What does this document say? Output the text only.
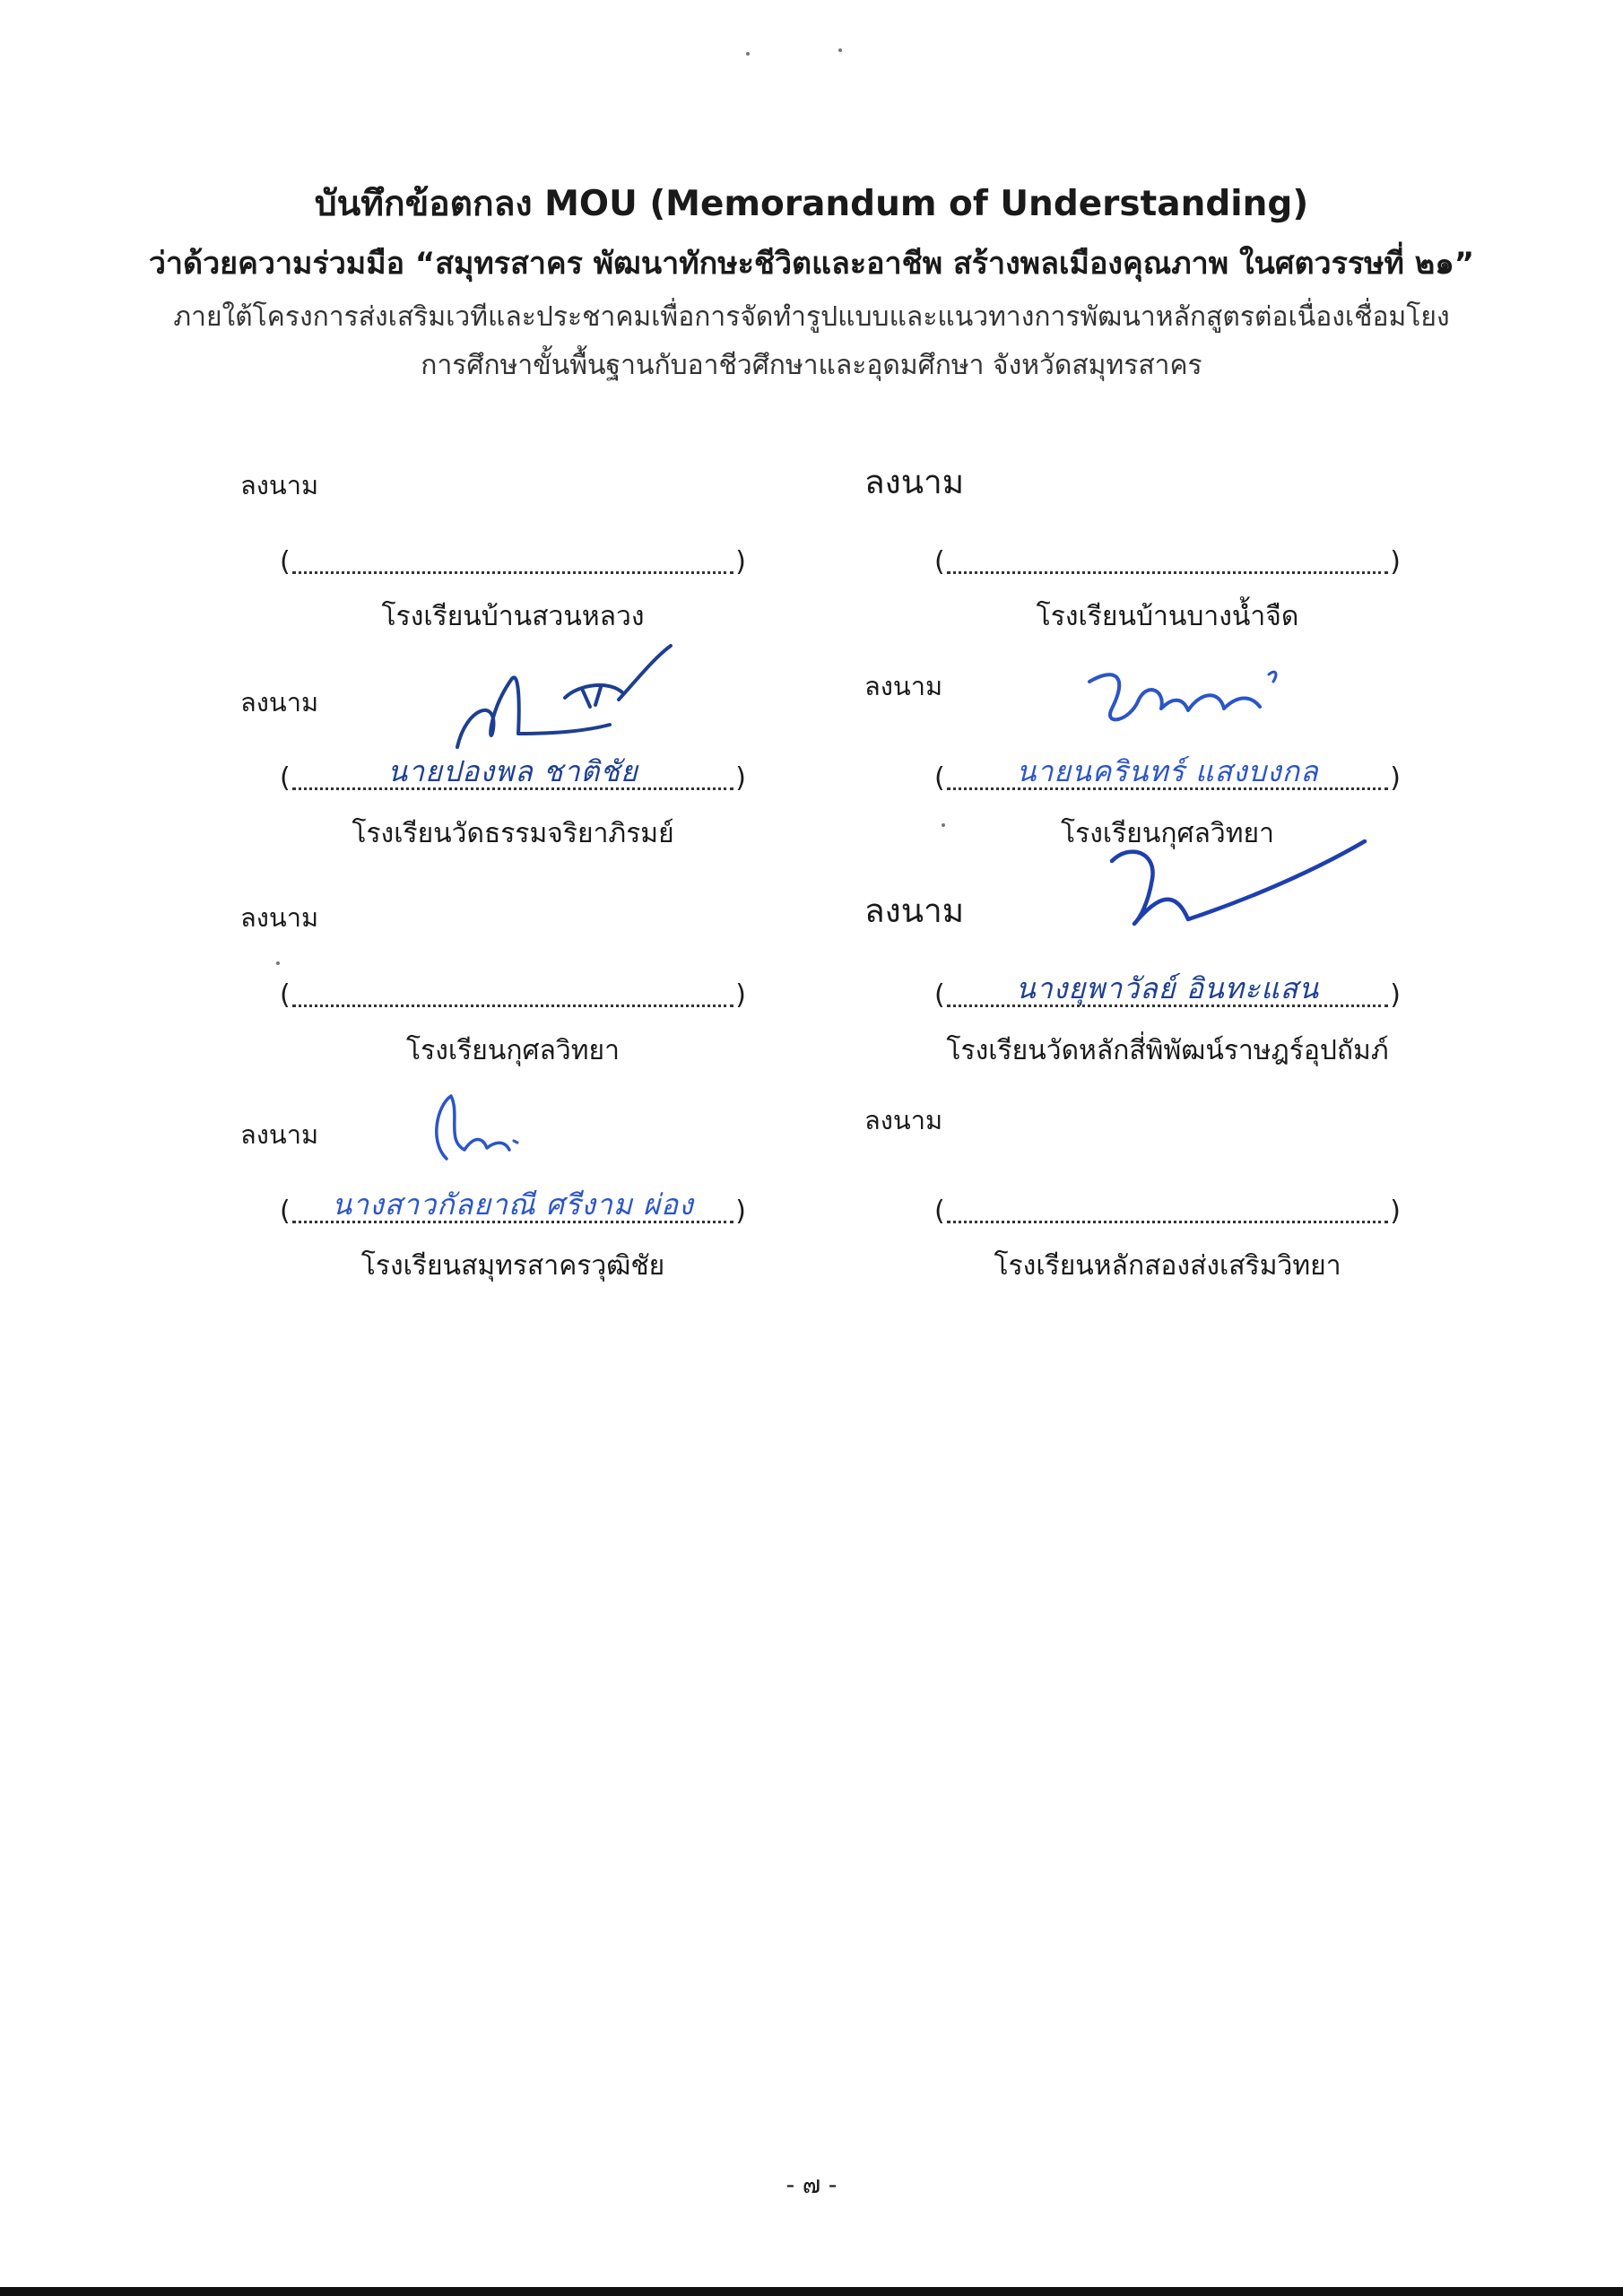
บันทึกข้อตกลง MOU (Memorandum of Understanding)
ว่าด้วยความร่วมมือ “สมุทรสาคร พัฒนาทักษะชีวิตและอาชีพ สร้างพลเมืองคุณภาพ ในศตวรรษที่ ๒๑”
ภายใต้โครงการส่งเสริมเวทีและประชาคมเพื่อการจัดทำรูปแบบและแนวทางการพัฒนาหลักสูตรต่อเนื่องเชื่อมโยง
การศึกษาขั้นพื้นฐานกับอาชีวศึกษาและอุดมศึกษา จังหวัดสมุทรสาคร
ลงนาม
(	)
โรงเรียนบ้านสวนหลวง
ลงนาม
(	นายปองพล ชาติชัย	)
โรงเรียนวัดธรรมจริยาภิรมย์
ลงนาม
(	)
โรงเรียนกุศลวิทยา
ลงนาม
(	นางสาวกัลยาณี ศรีงาม ผ่อง	)
โรงเรียนสมุทรสาครวุฒิชัย
ลงนาม
(	)
โรงเรียนบ้านบางน้ำจืด
ลงนาม
(	นายนครินทร์ แสงบงกล	)
โรงเรียนกุศลวิทยา
ลงนาม
(	นางยุพาวัลย์ อินทะแสน	)
โรงเรียนวัดหลักสี่พิพัฒน์ราษฎร์อุปถัมภ์
ลงนาม
(	)
โรงเรียนหลักสองส่งเสริมวิทยา
- ๗ -
